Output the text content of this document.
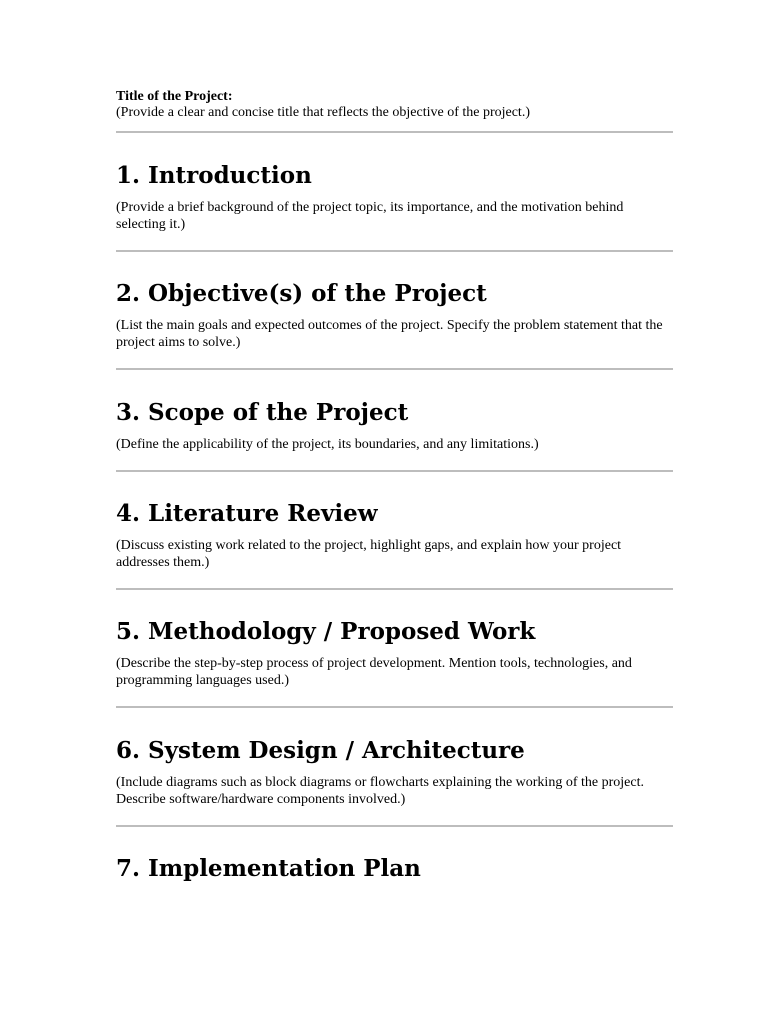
Title of the Project:

(Provide a clear and concise title that reflects the objective of the project.)

1. Introduction

(Provide a brief background of the project topic, its importance, and the motivation behind selecting it.)

2. Objective(s) of the Project

(List the main goals and expected outcomes of the project. Specify the problem statement that the project aims to solve.)

3. Scope of the Project

(Define the applicability of the project, its boundaries, and any limitations.)

4. Literature Review

(Discuss existing work related to the project, highlight gaps, and explain how your project addresses them.)

5. Methodology / Proposed Work

(Describe the step-by-step process of project development. Mention tools, technologies, and programming languages used.)

6. System Design / Architecture

(Include diagrams such as block diagrams or flowcharts explaining the working of the project. Describe software/hardware components involved.)

7. Implementation Plan
